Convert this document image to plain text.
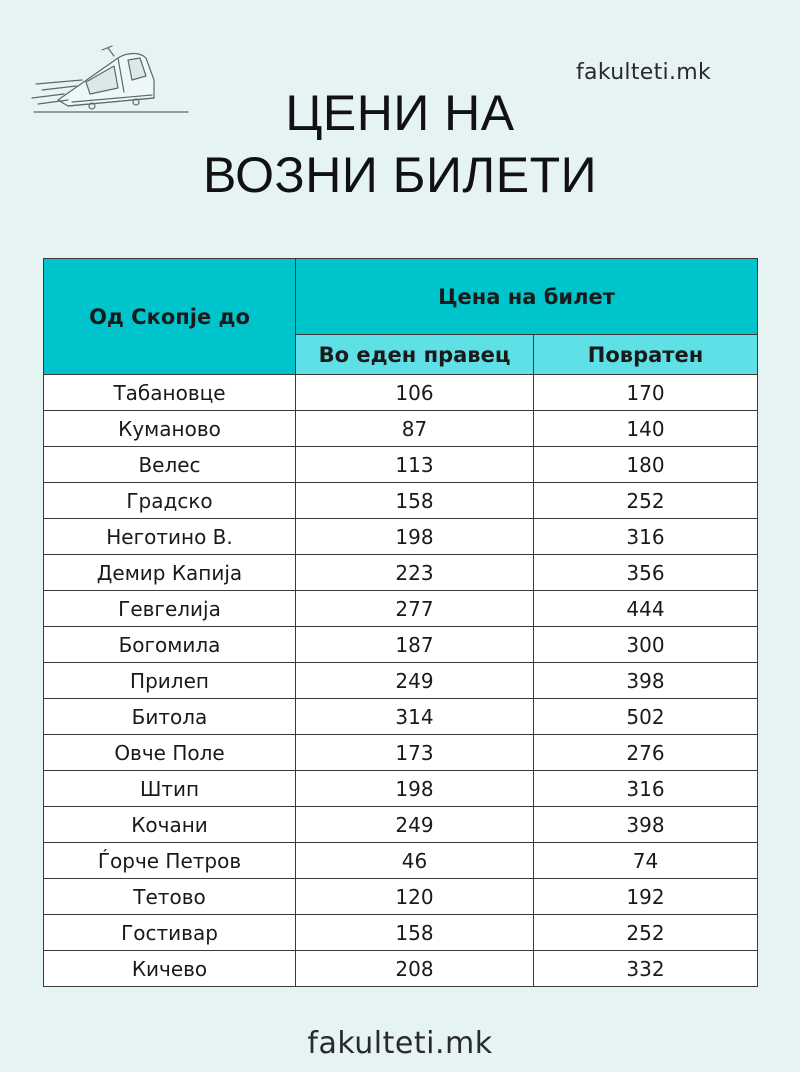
fakulteti.mk
ЦЕНИ НА
ВОЗНИ БИЛЕТИ
Од Скопје до	Цена на билет	
	Во еден правец	Повратен
Табановце	106	170
Куманово	87	140
Велес	113	180
Градско	158	252
Неготино В.	198	316
Демир Капија	223	356
Гевгелија	277	444
Богомила	187	300
Прилеп	249	398
Битола	314	502
Овче Поле	173	276
Штип	198	316
Кочани	249	398
Ѓорче Петров	46	74
Тетово	120	192
Гостивар	158	252
Кичево	208	332
fakulteti.mk
